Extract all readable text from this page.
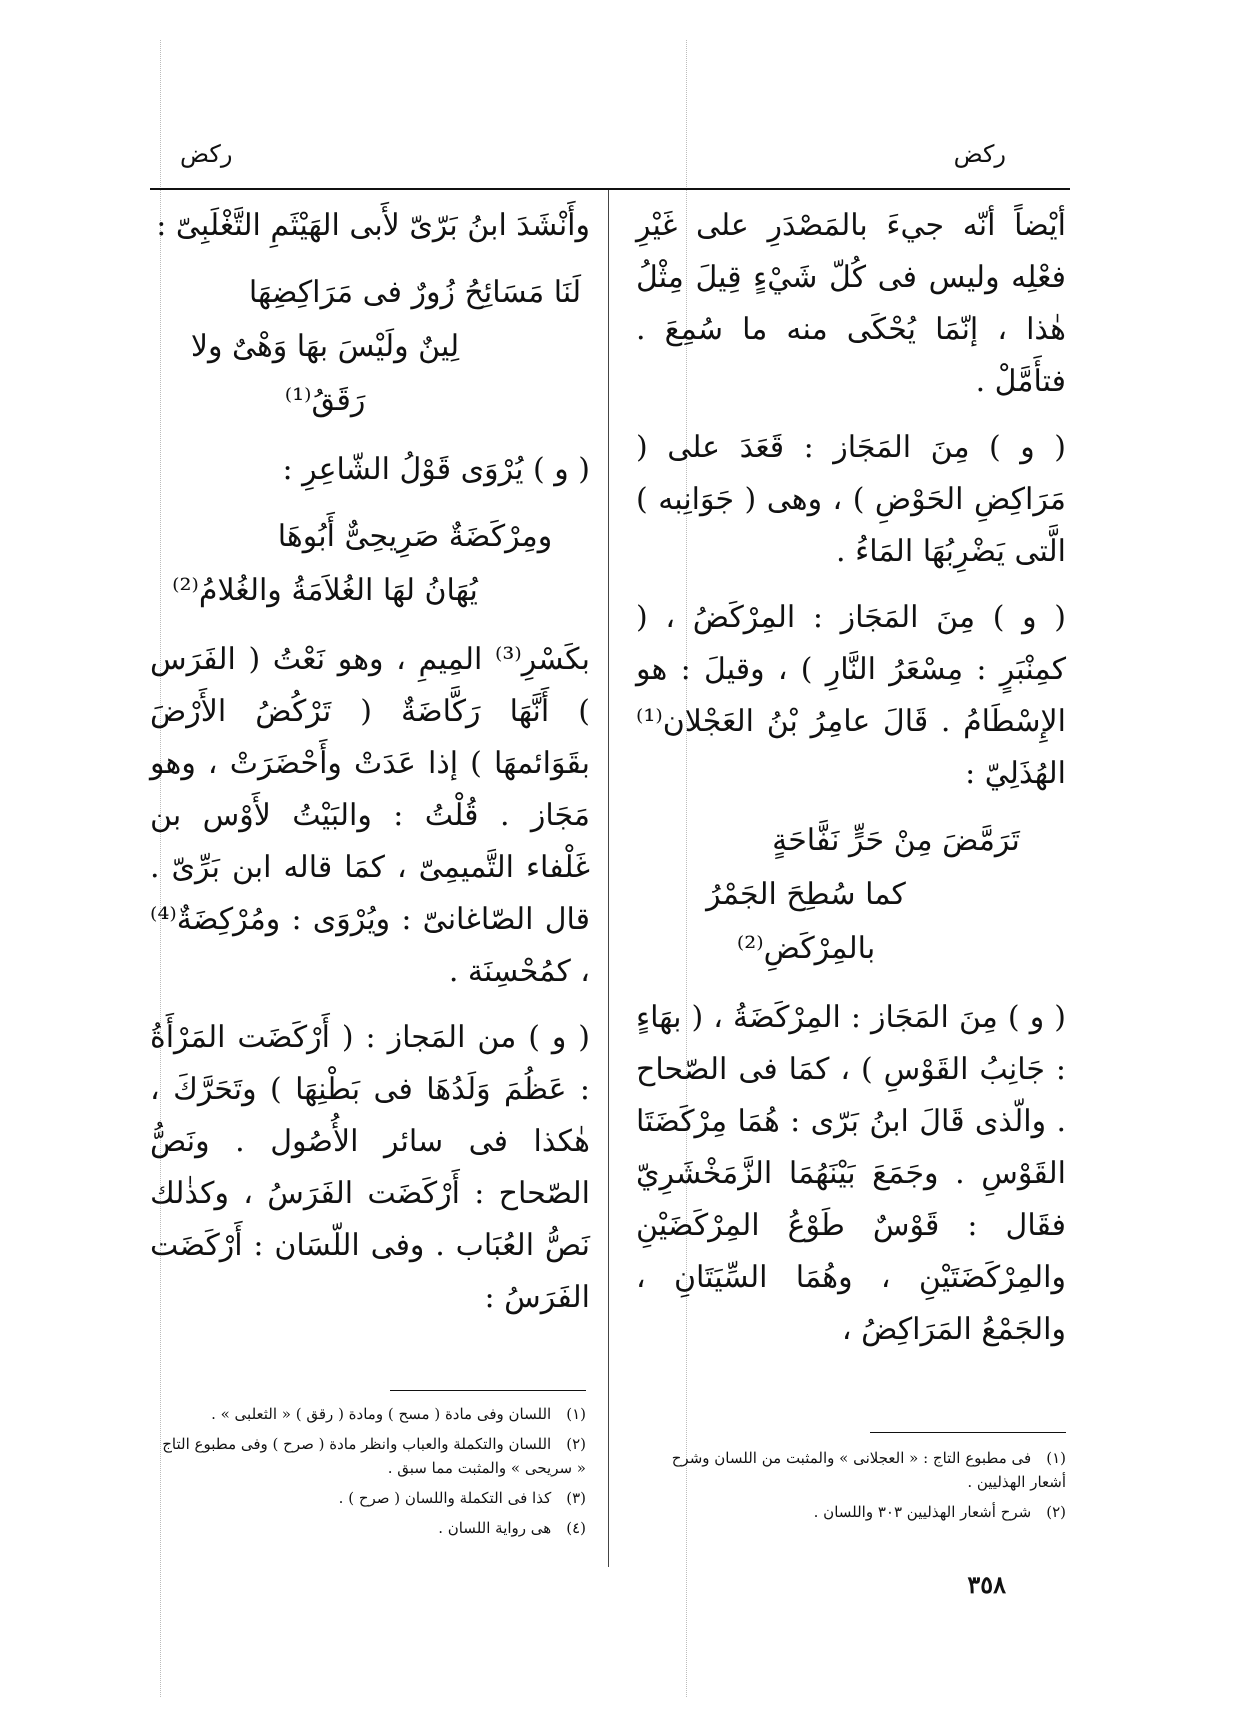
ركض
ركض

أيْضاً أنّه جيءَ بالمَصْدَرِ على غَيْرِ فعْلِه وليس فى كُلّ شَيْءٍ قِيلَ مِثْلُ هٰذا ، إنّمَا يُحْكَى منه ما سُمِعَ . فتأَمَّلْ .

( و ) مِنَ المَجَاز : قَعَدَ على ( مَرَاكِضِ الحَوْضِ ) ، وهى ( جَوَانِبه ) الَّتى يَضْرِبُهَا المَاءُ .

( و ) مِنَ المَجَاز : المِرْكَضُ ، ( كمِنْبَرٍ : مِسْعَرُ النَّارِ ) ، وقيلَ : هو الإِسْطَامُ . قَالَ عامِرُ بْنُ العَجْلان⁽¹⁾ الهُذَلِيّ :

تَرَمَّضَ مِنْ حَرٍّ نَفَّاحَةٍ
كما سُطِحَ الجَمْرُ بالمِرْكَضِ⁽²⁾

( و ) مِنَ المَجَاز : المِرْكَضَةُ ، ( بهَاءٍ : جَانِبُ القَوْسِ ) ، كمَا فى الصّحاح . والّذى قَالَ ابنُ بَرّى : هُمَا مِرْكَضَتَا القَوْسِ . وجَمَعَ بَيْنَهُمَا الزَّمَخْشَرِيّ فقَال : قَوْسٌ طَوْعُ المِرْكَضَيْنِ والمِرْكَضَتَيْنِ ، وهُمَا السِّيَتَانِ ، والجَمْعُ المَرَاكِضُ ،

(١) فى مطبوع التاج : « العجلانى » والمثبت من اللسان وشرح أشعار الهذليين .
(٢) شرح أشعار الهذليين ٣٠٣ واللسان .

وأَنْشَدَ ابنُ بَرّىّ لأَبى الهَيْثَمِ التَّغْلَبِىّ :

لَنَا مَسَائِحُ زُورٌ فى مَرَاكِضِهَا
لِينٌ ولَيْسَ بهَا وَهْىٌ ولا رَقَقُ⁽¹⁾

( و ) يُرْوَى قَوْلُ الشّاعِرِ :

ومِرْكَضَةٌ صَرِيحِىٌّ أَبُوهَا
يُهَانُ لهَا الغُلاَمَةُ والغُلامُ⁽²⁾

بكَسْرِ⁽³⁾ المِيمِ ، وهو نَعْتُ ( الفَرَس ) أَنَّهَا رَكَّاضَةٌ ( تَرْكُضُ الأَرْضَ بقَوَائمهَا ) إذا عَدَتْ وأَحْضَرَتْ ، وهو مَجَاز . قُلْتُ : والبَيْتُ لأَوْس بن غَلْفاء التَّميمِىّ ، كمَا قاله ابن بَرِّىّ . قال الصّاغانىّ : ويُرْوَى : ومُرْكِضَةٌ⁽⁴⁾ ، كمُحْسِنَة .

( و ) من المَجاز : ( أَرْكَضَت المَرْأَةُ : عَظُمَ وَلَدُهَا فى بَطْنِهَا ) وتَحَرَّكَ ، هٰكذا فى سائر الأُصُول . ونَصُّ الصّحاح : أَرْكَضَت الفَرَسُ ، وكذٰلك نَصُّ العُبَاب . وفى اللّسَان : أَرْكَضَت الفَرَسُ :

(١) اللسان وفى مادة ( مسح ) ومادة ( رقق ) « الثعلبى » .
(٢) اللسان والتكملة والعباب وانظر مادة ( صرح ) وفى مطبوع التاج « سريحى » والمثبت مما سبق .
(٣) كذا فى التكملة واللسان ( صرح ) .
(٤) هى رواية اللسان .
٣٥٨
